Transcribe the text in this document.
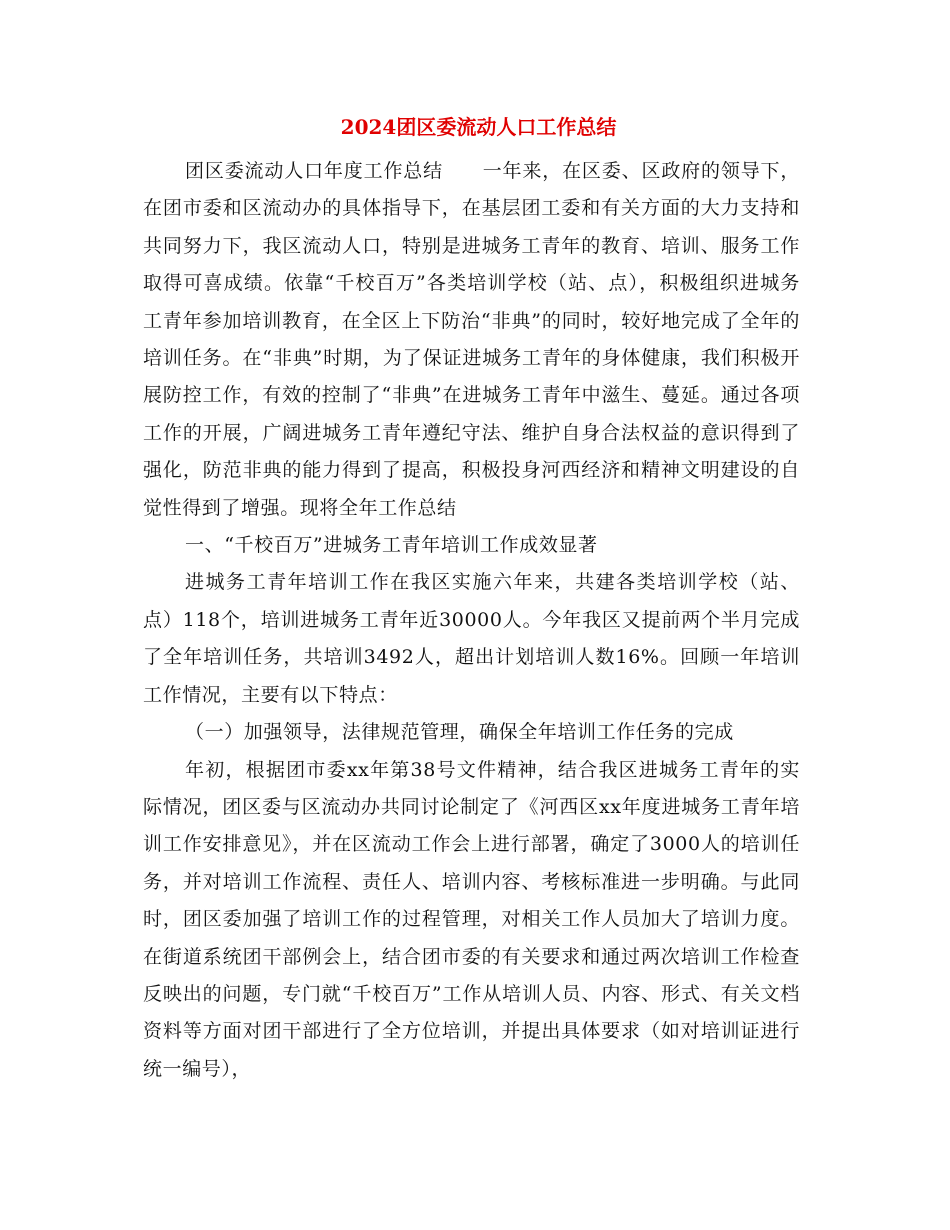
2024团区委流动人口工作总结

团区委流动人口年度工作总结　　一年来，在区委、区政府的领导下，在团市委和区流动办的具体指导下，在基层团工委和有关方面的大力支持和共同努力下，我区流动人口，特别是进城务工青年的教育、培训、服务工作取得可喜成绩。依靠“千校百万”各类培训学校（站、点），积极组织进城务工青年参加培训教育，在全区上下防治“非典”的同时，较好地完成了全年的培训任务。在“非典”时期，为了保证进城务工青年的身体健康，我们积极开展防控工作，有效的控制了“非典”在进城务工青年中滋生、蔓延。通过各项工作的开展，广阔进城务工青年遵纪守法、维护自身合法权益的意识得到了强化，防范非典的能力得到了提高，积极投身河西经济和精神文明建设的自觉性得到了增强。现将全年工作总结

一、“千校百万”进城务工青年培训工作成效显著

进城务工青年培训工作在我区实施六年来，共建各类培训学校（站、点）118个，培训进城务工青年近30000人。今年我区又提前两个半月完成了全年培训任务，共培训3492人，超出计划培训人数16%。回顾一年培训工作情况，主要有以下特点：

（一）加强领导，法律规范管理，确保全年培训工作任务的完成

年初，根据团市委xx年第38号文件精神，结合我区进城务工青年的实际情况，团区委与区流动办共同讨论制定了《河西区xx年度进城务工青年培训工作安排意见》，并在区流动工作会上进行部署，确定了3000人的培训任务，并对培训工作流程、责任人、培训内容、考核标准进一步明确。与此同时，团区委加强了培训工作的过程管理，对相关工作人员加大了培训力度。在街道系统团干部例会上，结合团市委的有关要求和通过两次培训工作检查反映出的问题，专门就“千校百万”工作从培训人员、内容、形式、有关文档资料等方面对团干部进行了全方位培训，并提出具体要求（如对培训证进行统一编号），
